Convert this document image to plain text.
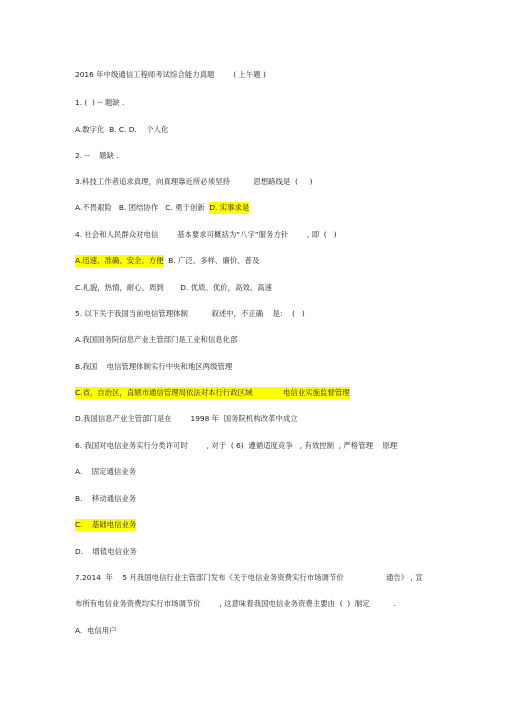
2016 年中级通信工程师考试综合能力真题        ( 上午题 )
1. (  ) -- 题缺 .
A.数字化  B. C. D.    个人化
2. --    题缺 .
3.科技工作者追求真理，向真理靠近所必须坚持          思想路线是  (     )
A.不畏艰险   B. 团结协作   C. 勇于创新  D. 实事求是
4. 社会和人民群众对电信        基本要求可概括为”八字”服务方针        , 即  (   )
A.迅速、准确、安全、方便  B. 广泛、多样、廉价、普及
C.礼貌，热情，耐心、周到       D. 优质、优价，高效、高速
5. 以下关于我国当前电信管理体制          叙述中，不正确    是：  (   )
A.我国国务院信息产业主管部门是工业和信息化部
B.我国    电信管理体制实行中央和地区两级管理
C.省，自治区，直辖市通信管理局依法对本行行政区域             电信业实施监督管理
D.我国信息产业主管部门是在        1998 年  国务院机构改革中成立
6. 我国对电信业务实行分类许可时        , 对于  ( 6)  遵循适度竞争   , 有效控制  , 严格管理    原理
A.    固定通信业务
B.    移动通信业务
C.    基础电信业务
D.    增值电信业务
7.2014  年    5 月我国电信行业主管部门发布《关于电信业务资费实行市场调节价                  通告》 , 宣
布所有电信业务资费均实行市场调节价        , 这意味着我国电信业务资费主要由  (  )  制定          .
A.  电信用户
